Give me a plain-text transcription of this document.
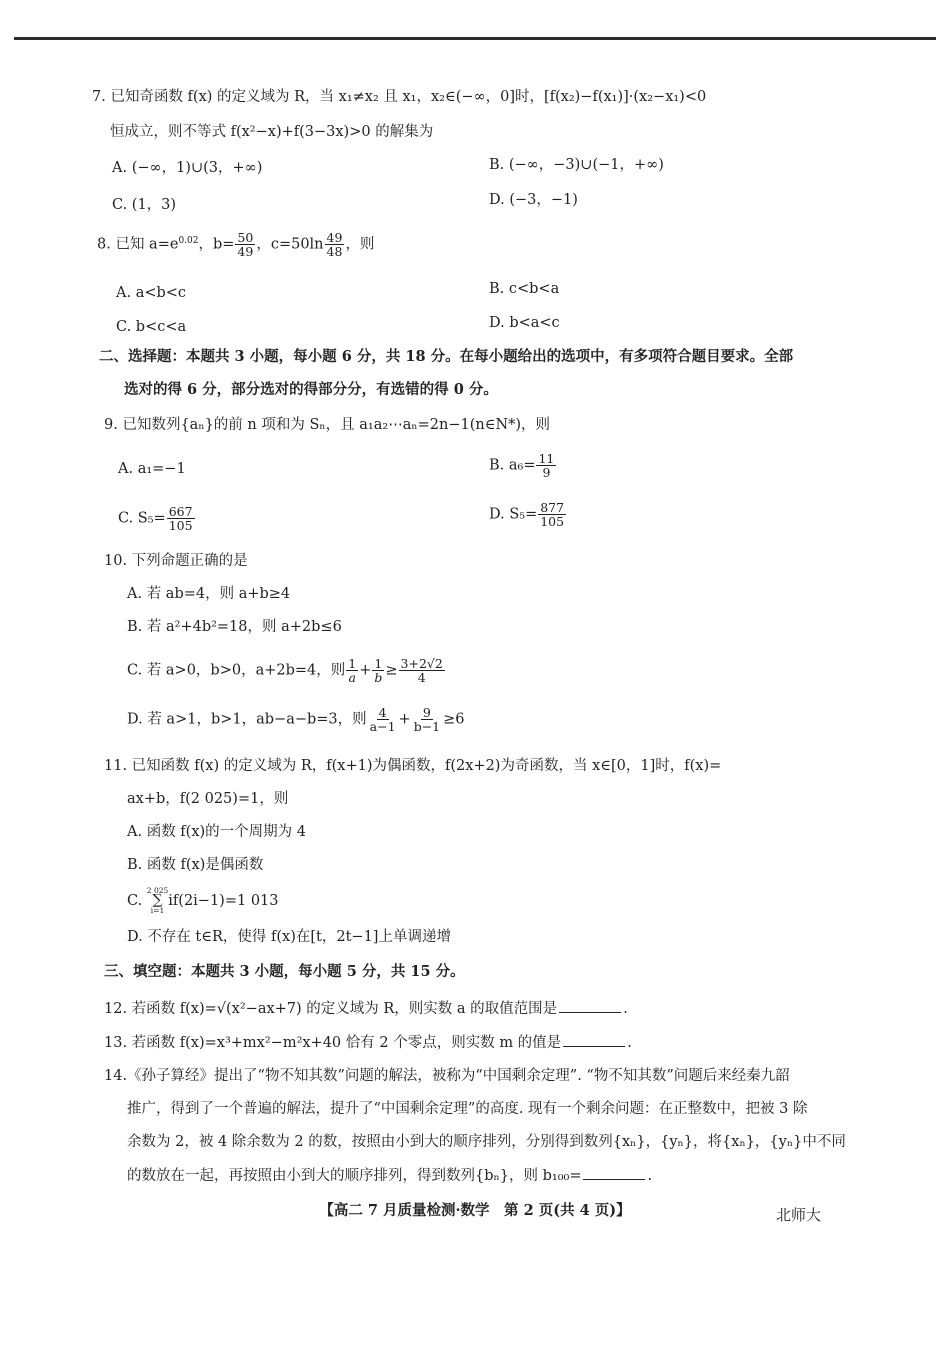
7. 已知奇函数 f(x) 的定义域为 R，当 x₁≠x₂ 且 x₁，x₂∈(−∞，0]时，[f(x₂)−f(x₁)]·(x₂−x₁)<0
恒成立，则不等式 f(x²−x)+f(3−3x)>0 的解集为
A. (−∞，1)∪(3，+∞)	B. (−∞，−3)∪(−1，+∞)
C. (1，3)	D. (−3，−1)
8. 已知 $a=e^{0.02}$，$b= \frac{50}{49}$ ，$c=50\ln \frac{49}{48}$ ，则
A. a<b<c	B. c<b<a
C. b<c<a	D. b<a<c
二、选择题：本题共 3 小题，每小题 6 分，共 18 分。在每小题给出的选项中，有多项符合题目要求。全部
选对的得 6 分，部分选对的得部分分，有选错的得 0 分。
9. 已知数列{aₙ}的前 n 项和为 Sₙ，且 a₁a₂⋯aₙ=2n−1(n∈N*)，则
A. a₁=−1	B. $a_6= \frac{11}{9}$
C. $S_5= \frac{667}{105}$	D. $S_5= \frac{877}{105}$
10. 下列命题正确的是
A. 若 ab=4，则 a+b≥4
B. 若 a²+4b²=18，则 a+2b≤6
C. 若 a>0，b>0，a+2b=4，则 $\frac{1}{a} + \frac{1}{b} \ge \frac{3+2√2}{4}$
D. 若 a>1，b>1，ab−a−b=3，则 $\frac{4}{a-1} + \frac{9}{b-1} \ge 6$
11. 已知函数 f(x) 的定义域为 R，f(x+1)为偶函数，f(2x+2)为奇函数，当 x∈[0，1]时，f(x)=
ax+b，f(2 025)=1，则
A. 函数 f(x)的一个周期为 4
B. 函数 f(x)是偶函数
C.
2 025
∑
i=1
if(2i−1)=1 013
D. 不存在 t∈R，使得 f(x)在[t，2t−1]上单调递增
三、填空题：本题共 3 小题，每小题 5 分，共 15 分。
12. 若函数 f(x)=√(x²−ax+7) 的定义域为 R，则实数 a 的取值范围是	.
13. 若函数 f(x)=x³+mx²−m²x+40 恰有 2 个零点，则实数 m 的值是	.
14.《孙子算经》提出了“物不知其数”问题的解法，被称为“中国剩余定理”. “物不知其数”问题后来经秦九韶
推广，得到了一个普遍的解法，提升了“中国剩余定理”的高度. 现有一个剩余问题：在正整数中，把被 3 除
余数为 2，被 4 除余数为 2 的数，按照由小到大的顺序排列，分别得到数列{xₙ}，{yₙ}，将{xₙ}，{yₙ}中不同
的数放在一起，再按照由小到大的顺序排列，得到数列{bₙ}，则 b₁₀₀=	.
【高二 7 月质量检测·数学　第 2 页(共 4 页)】	北师大
